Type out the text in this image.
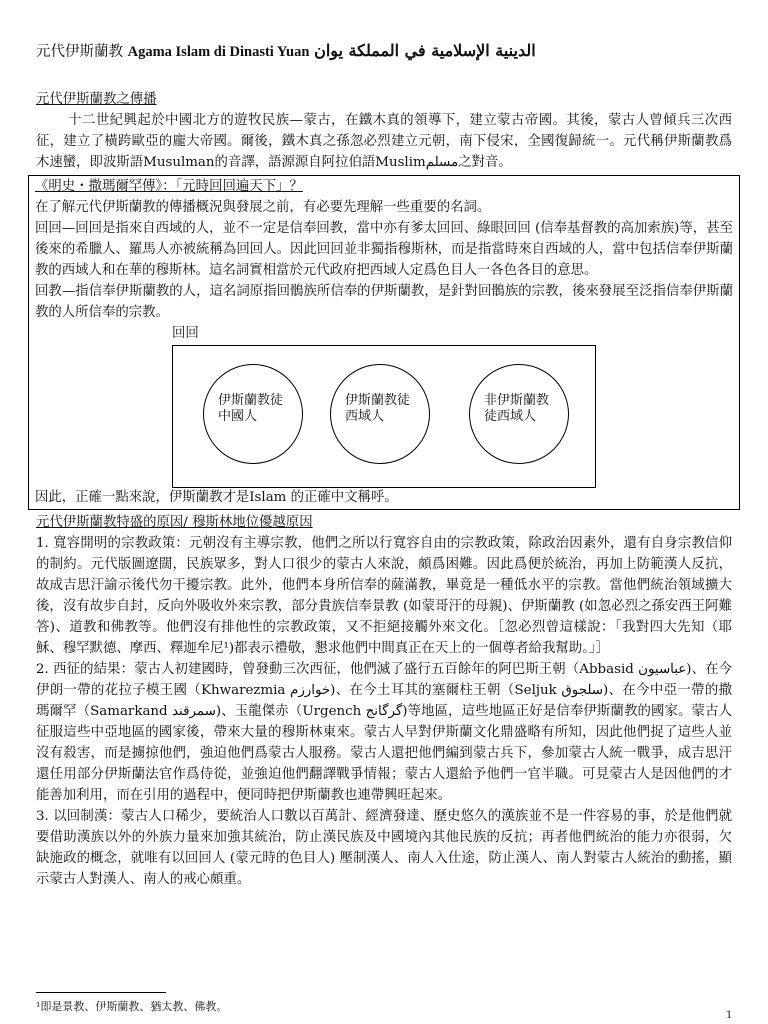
元代伊斯蘭教 Agama Islam di Dinasti Yuan الدينية الإسلامية في المملكة يوان
元代伊斯蘭教之傳播

十二世紀興起於中國北方的遊牧民族—蒙古，在鐵木真的領導下，建立蒙古帝國。其後，蒙古人曾傾兵三次西征，建立了橫跨歐亞的龐大帝國。爾後，鐵木真之孫忽必烈建立元朝，南下侵宋，全國復歸統一。元代稱伊斯蘭教爲木速蠻，即波斯語Musulman的音譯，語源源自阿拉伯語Muslimمسلم之對音。

《明史・撒瑪爾罕傳》：「元時回回遍天下」？

在了解元代伊斯蘭教的傳播概況與發展之前，有必要先理解一些重要的名詞。

回回—回回是指來自西域的人，並不一定是信奉回教，當中亦有爹太回回、綠眼回回 (信奉基督教的高加索族)等，甚至後來的希臘人、羅馬人亦被統稱為回回人。因此回回並非獨指穆斯林，而是指當時來自西域的人，當中包括信奉伊斯蘭教的西域人和在華的穆斯林。這名詞實相當於元代政府把西域人定爲色目人一各色各目的意思。

回教—指信奉伊斯蘭教的人，這名詞原指回鶻族所信奉的伊斯蘭教，是針對回鶻族的宗教，後來發展至泛指信奉伊斯蘭教的人所信奉的宗教。

回回
伊斯蘭教徒中國人
伊斯蘭教徒西域人
非伊斯蘭教徒西域人

因此，正確一點來說，伊斯蘭教才是Islam 的正確中文稱呼。

元代伊斯蘭教特盛的原因/ 穆斯林地位優越原因

1. 寬容開明的宗教政策：元朝沒有主導宗教，他們之所以行寬容自由的宗教政策，除政治因素外，還有自身宗教信仰的制約。元代版圖遼闊，民族眾多，對人口很少的蒙古人來說，頗爲困難。因此爲便於統治，再加上防範漢人反抗，故成吉思汗諭示後代勿干擾宗教。此外，他們本身所信奉的薩滿教，畢竟是一種低水平的宗教。當他們統治領域擴大後，沒有故步自封，反向外吸收外來宗教，部分貴族信奉景教 (如蒙哥汗的母親)、伊斯蘭教 (如忽必烈之孫安西王阿難答)、道教和佛教等。他們沒有排他性的宗教政策，又不拒絕接觸外來文化。［忽必烈曾這樣說：「我對四大先知（耶穌、穆罕默德、摩西、釋迦牟尼¹)都表示禮敬，懇求他們中間真正在天上的一個尊者給我幫助。」］

2. 西征的結果：蒙古人初建國時，曾發動三次西征，他們滅了盛行五百餘年的阿巴斯王朝（Abbasid عباسيون)、在今伊朗一帶的花拉子模王國（Khwarezmia خوارزم)、在今土耳其的塞爾柱王朝（Seljuk سلجوق)、在今中亞一帶的撒瑪爾罕（Samarkand سمرقند)、玉龍傑赤（Urgench گرگانج)等地區，這些地區正好是信奉伊斯蘭教的國家。蒙古人征服這些中亞地區的國家後，帶來大量的穆斯林東來。蒙古人早對伊斯蘭文化鼎盛略有所知，因此他們捉了這些人並沒有殺害，而是擄掠他們，強迫他們爲蒙古人服務。蒙古人還把他們編到蒙古兵下，參加蒙古人統一戰爭，成吉思汗還任用部分伊斯蘭法官作爲侍從，並強迫他們翻譯戰爭情報；蒙古人還給予他們一官半職。可見蒙古人是因他們的才能善加利用，而在引用的過程中，便同時把伊斯蘭教也連帶興旺起來。

3. 以回制漢：蒙古人口稀少，要統治人口數以百萬計、經濟發達、歷史悠久的漢族並不是一件容易的事，於是他們就要借助漢族以外的外族力量來加強其統治，防止漢民族及中國境內其他民族的反抗；再者他們統治的能力亦很弱，欠缺施政的概念，就唯有以回回人 (蒙元時的色目人) 壓制漢人、南人入仕途，防止漢人、南人對蒙古人統治的動搖，顯示蒙古人對漢人、南人的戒心頗重。

¹即是景教、伊斯蘭教、猶太教、佛教。
1
